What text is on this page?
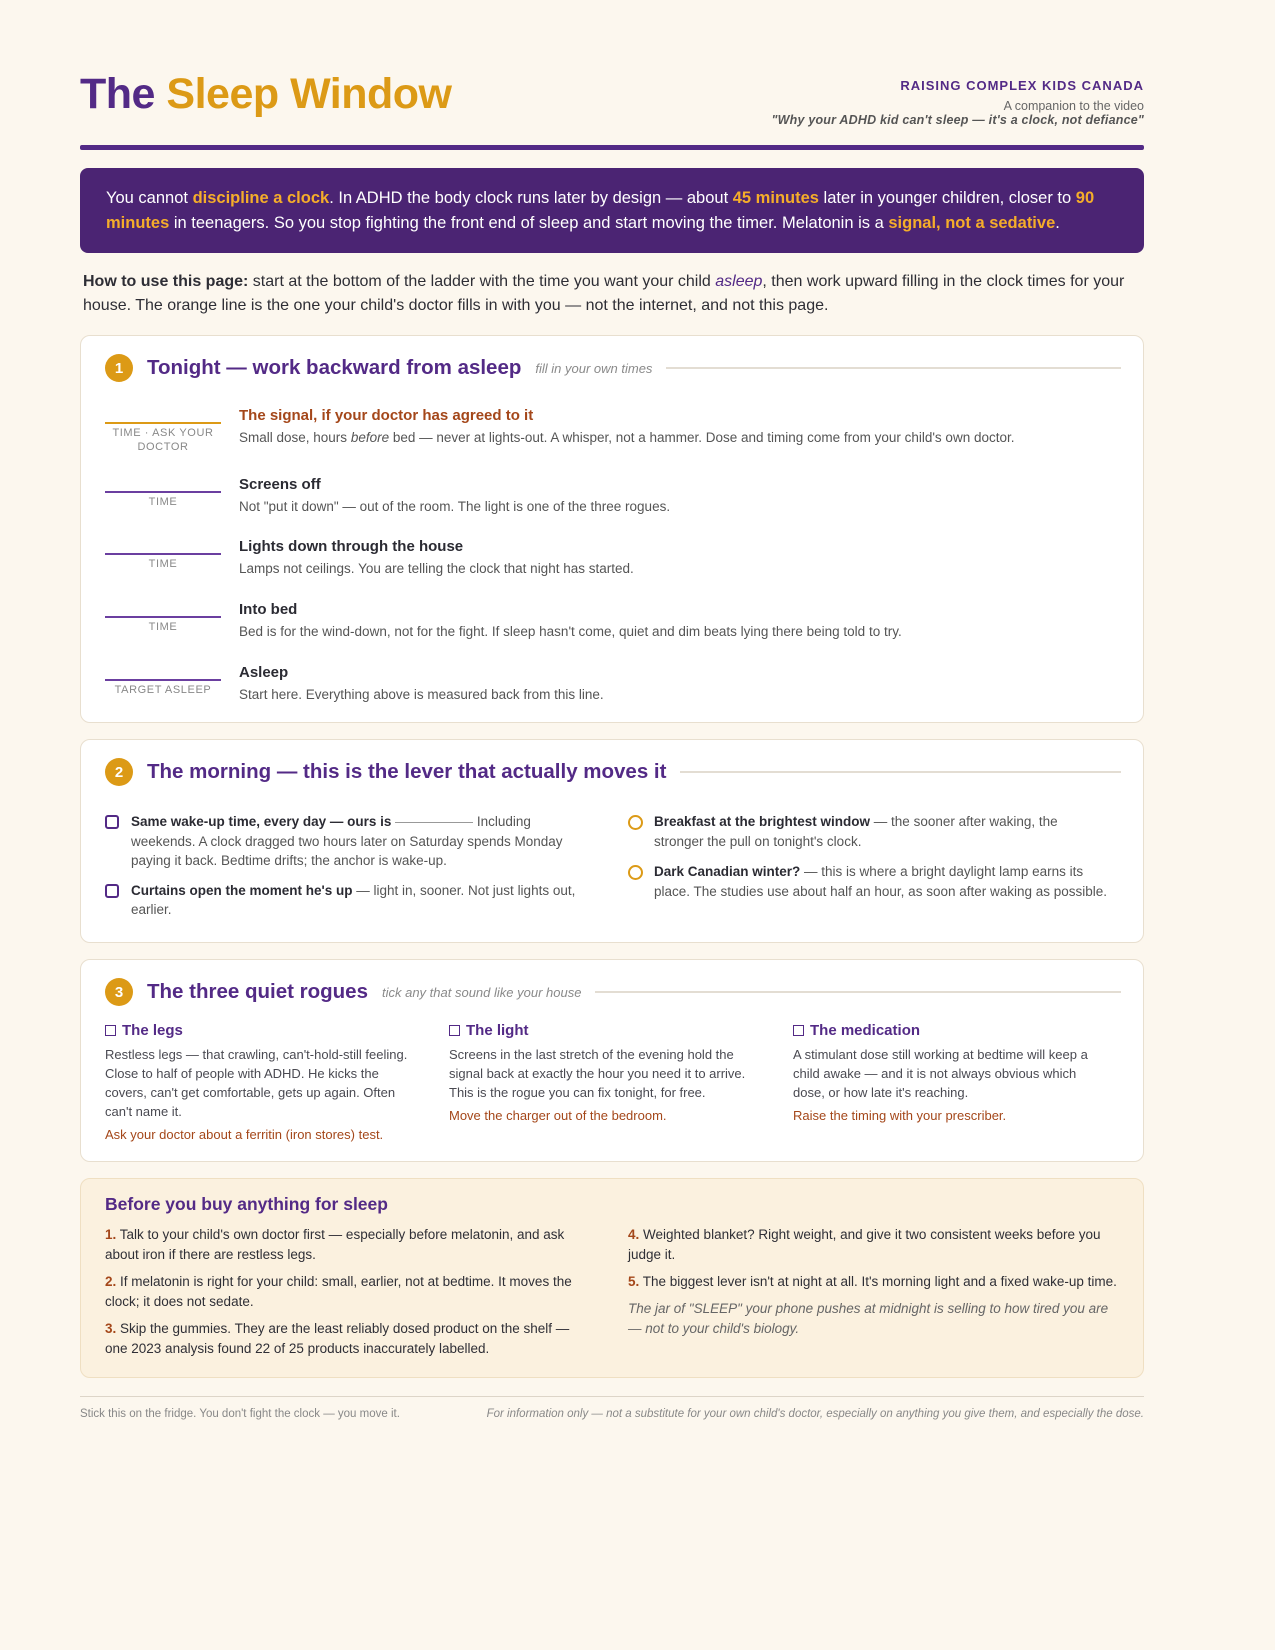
The Sleep Window	RAISING COMPLEX KIDS CANADA
A companion to the video
"Why your ADHD kid can't sleep — it's a clock, not defiance"
You cannot discipline a clock. In ADHD the body clock runs later by design — about 45 minutes later in younger children, closer to 90 minutes in teenagers. So you stop fighting the front end of sleep and start moving the timer. Melatonin is a signal, not a sedative.
How to use this page: start at the bottom of the ladder with the time you want your child asleep, then work upward filling in the clock times for your house. The orange line is the one your child's doctor fills in with you — not the internet, and not this page.
1	Tonight — work backward from asleep fill in your own times
TIME · ASK YOUR DOCTOR
The signal, if your doctor has agreed to it
Small dose, hours before bed — never at lights-out. A whisper, not a hammer. Dose and timing come from your child's own doctor.
TIME
Screens off
Not "put it down" — out of the room. The light is one of the three rogues.
TIME
Lights down through the house
Lamps not ceilings. You are telling the clock that night has started.
TIME
Into bed
Bed is for the wind-down, not for the fight. If sleep hasn't come, quiet and dim beats lying there being told to try.
TARGET ASLEEP
Asleep
Start here. Everything above is measured back from this line.
2	The morning — this is the lever that actually moves it
Same wake-up time, every day — ours is	Including weekends. A clock dragged two hours later on Saturday spends Monday paying it back. Bedtime drifts; the anchor is wake-up.
Curtains open the moment he's up — light in, sooner. Not just lights out, earlier.
Breakfast at the brightest window — the sooner after waking, the stronger the pull on tonight's clock.
Dark Canadian winter? — this is where a bright daylight lamp earns its place. The studies use about half an hour, as soon after waking as possible.
3	The three quiet rogues tick any that sound like your house
The legs
Restless legs — that crawling, can't-hold-still feeling. Close to half of people with ADHD. He kicks the covers, can't get comfortable, gets up again. Often can't name it.
Ask your doctor about a ferritin (iron stores) test.
The light
Screens in the last stretch of the evening hold the signal back at exactly the hour you need it to arrive. This is the rogue you can fix tonight, for free.
Move the charger out of the bedroom.
The medication
A stimulant dose still working at bedtime will keep a child awake — and it is not always obvious which dose, or how late it's reaching.
Raise the timing with your prescriber.
Before you buy anything for sleep
1. Talk to your child's own doctor first — especially before melatonin, and ask about iron if there are restless legs.
2. If melatonin is right for your child: small, earlier, not at bedtime. It moves the clock; it does not sedate.
3. Skip the gummies. They are the least reliably dosed product on the shelf — one 2023 analysis found 22 of 25 products inaccurately labelled.
4. Weighted blanket? Right weight, and give it two consistent weeks before you judge it.
5. The biggest lever isn't at night at all. It's morning light and a fixed wake-up time.
The jar of "SLEEP" your phone pushes at midnight is selling to how tired you are — not to your child's biology.
Stick this on the fridge. You don't fight the clock — you move it.	For information only — not a substitute for your own child's doctor, especially on anything you give them, and especially the dose.
